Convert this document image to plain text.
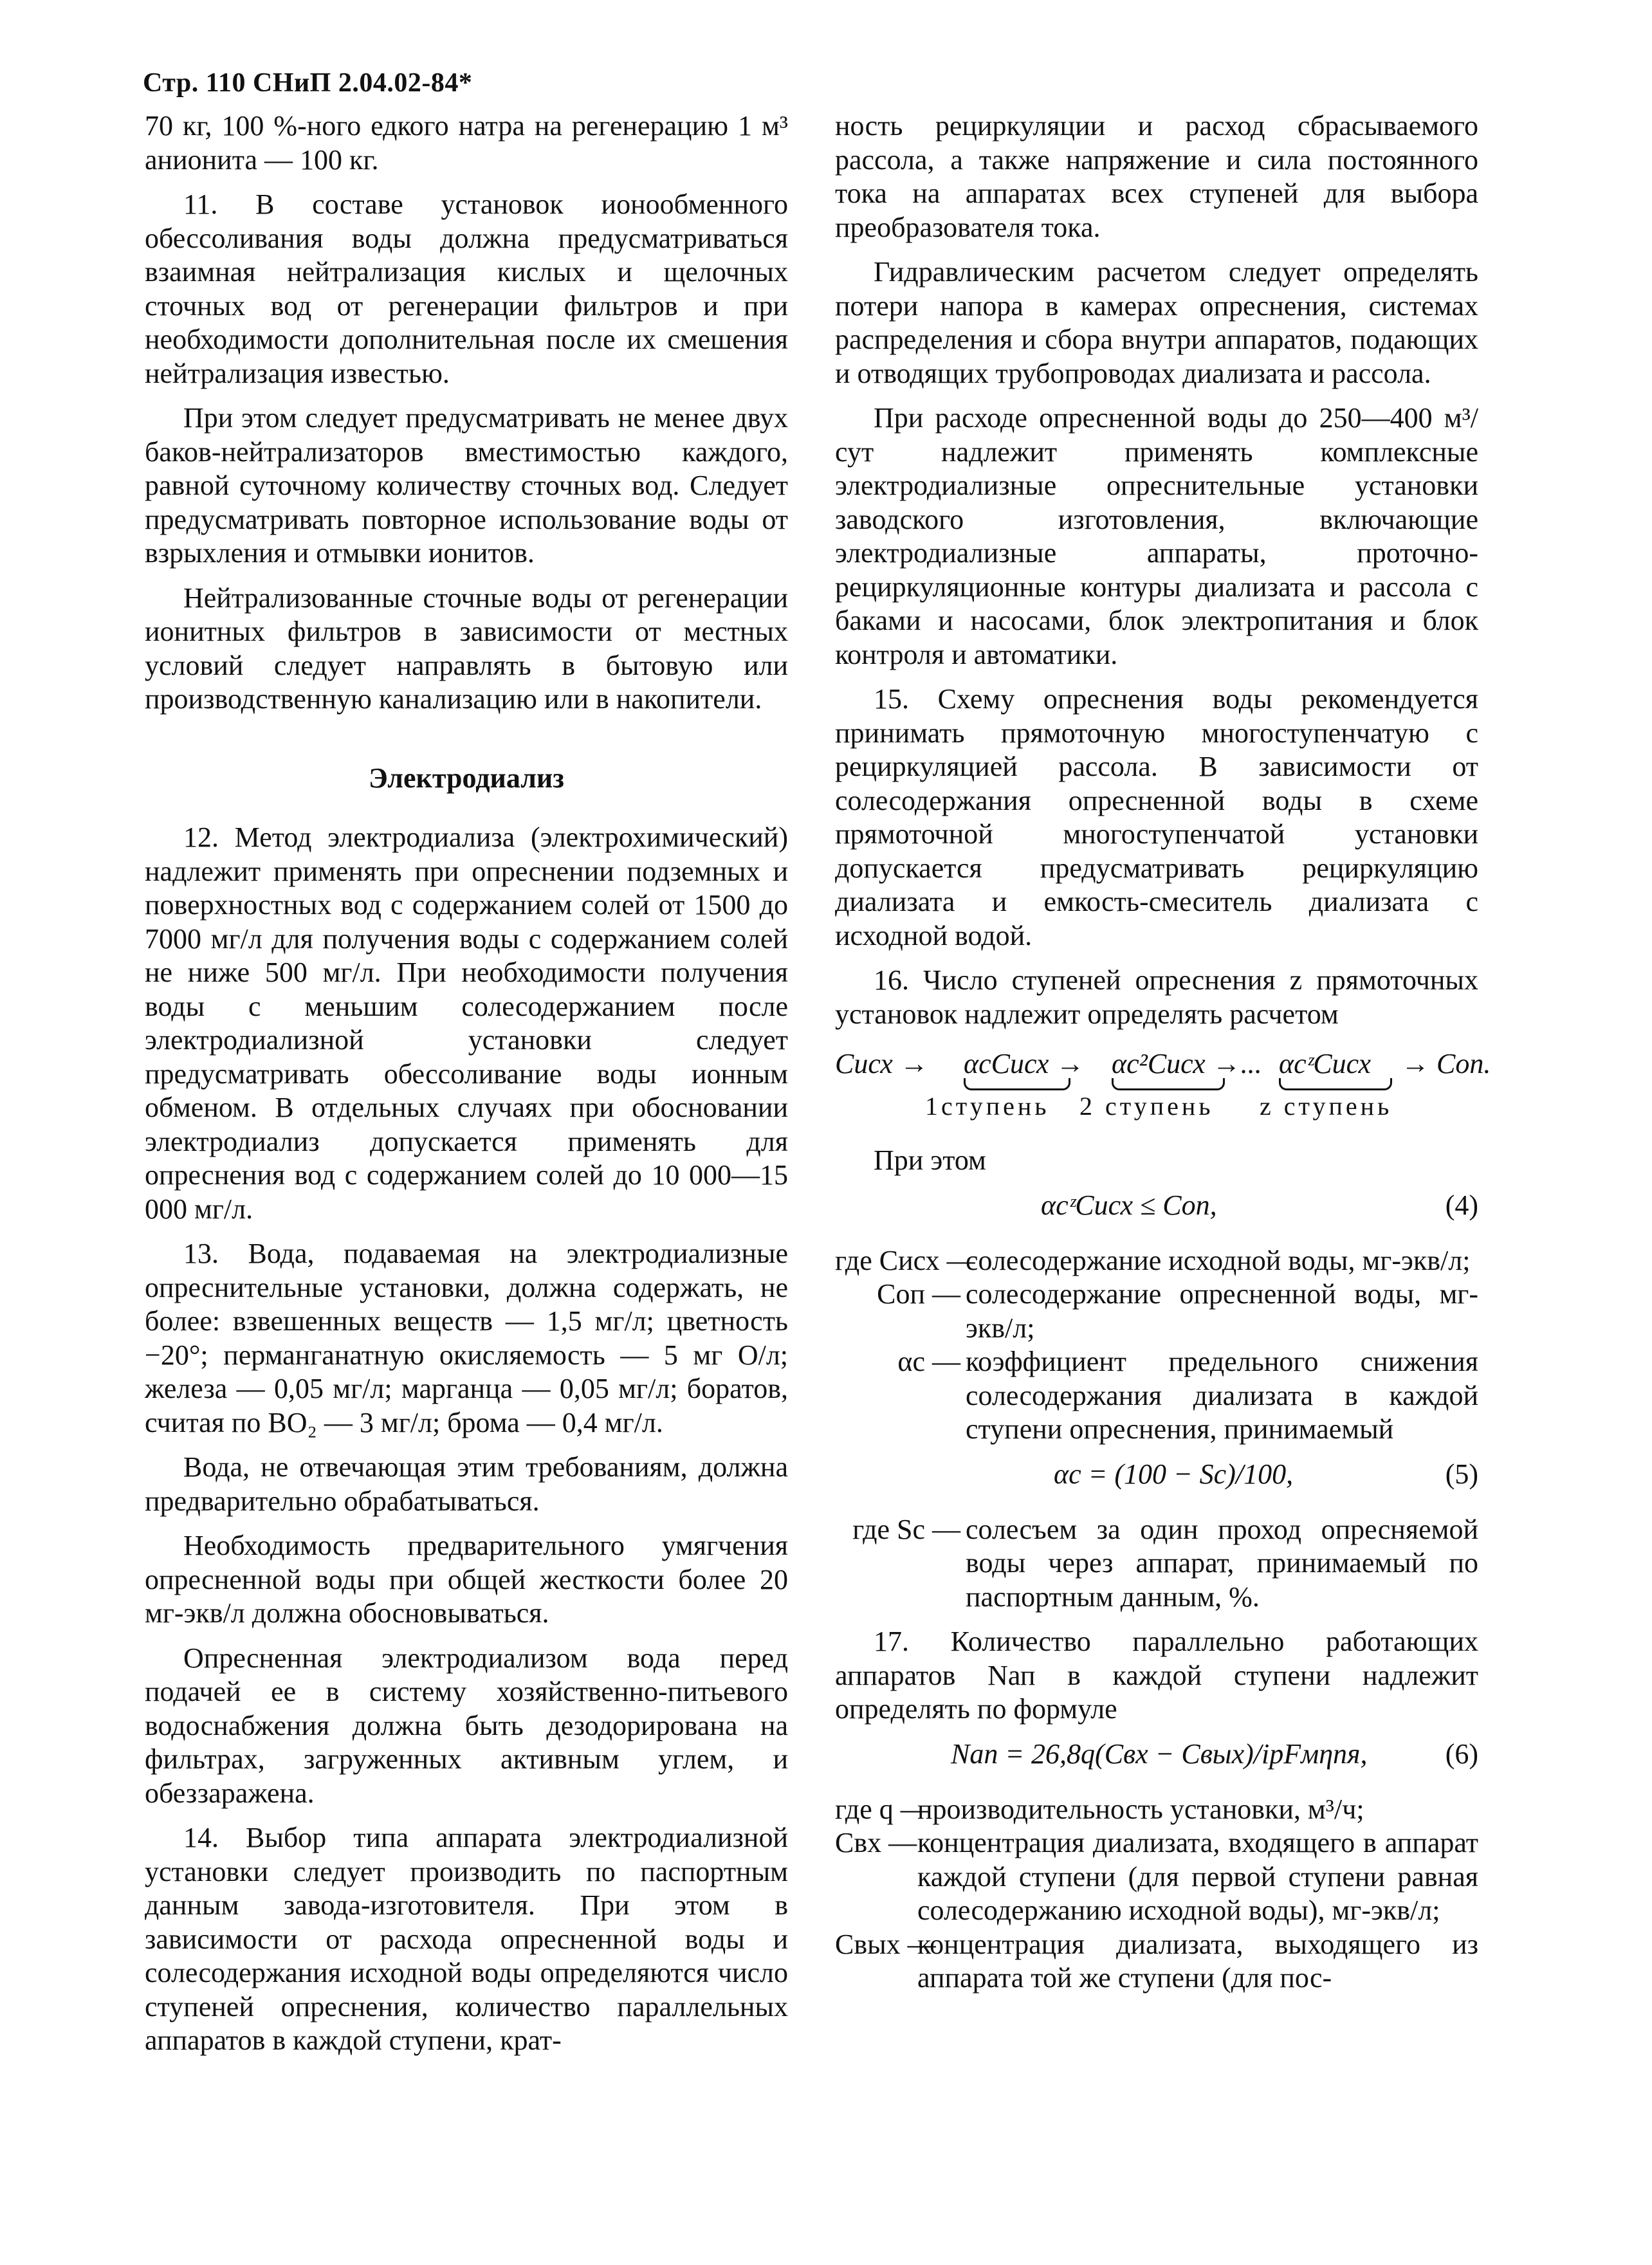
Стр. 110 СНиП 2.04.02-84*

70 кг, 100 %-ного едкого натра на регенерацию 1 м³ анионита — 100 кг.

11. В составе установок ионообменного обессоливания воды должна предусматриваться взаимная нейтрализация кислых и щелочных сточных вод от регенерации фильтров и при необходимости дополнительная после их смешения нейтрализация известью.

При этом следует предусматривать не менее двух баков-нейтрализаторов вместимостью каждого, равной суточному количеству сточных вод. Следует предусматривать повторное использование воды от взрыхления и отмывки ионитов.

Нейтрализованные сточные воды от регенерации ионитных фильтров в зависимости от местных условий следует направлять в бытовую или производственную канализацию или в накопители.

Электродиализ

12. Метод электродиализа (электрохимический) надлежит применять при опреснении подземных и поверхностных вод с содержанием солей от 1500 до 7000 мг/л для получения воды с содержанием солей не ниже 500 мг/л. При необходимости получения воды с меньшим солесодержанием после электродиализной установки следует предусматривать обессоливание воды ионным обменом. В отдельных случаях при обосновании электродиализ допускается применять для опреснения вод с содержанием солей до 10 000—15 000 мг/л.

13. Вода, подаваемая на электродиализные опреснительные установки, должна содержать, не более: взвешенных веществ — 1,5 мг/л; цветность −20°; перманганатную окисляемость — 5 мг О/л; железа — 0,05 мг/л; марганца — 0,05 мг/л; боратов, считая по BO₂ — 3 мг/л; брома — 0,4 мг/л.

Вода, не отвечающая этим требованиям, должна предварительно обрабатываться.

Необходимость предварительного умягчения опресненной воды при общей жесткости более 20 мг-экв/л должна обосновываться.

Опресненная электродиализом вода перед подачей ее в систему хозяйственно-питьевого водоснабжения должна быть дезодорирована на фильтрах, загруженных активным углем, и обеззаражена.

14. Выбор типа аппарата электродиализной установки следует производить по паспортным данным завода-изготовителя. При этом в зависимости от расхода опресненной воды и солесодержания исходной воды определяются число ступеней опреснения, количество параллельных аппаратов в каждой ступени, крат-

ность рециркуляции и расход сбрасываемого рассола, а также напряжение и сила постоянного тока на аппаратах всех ступеней для выбора преобразователя тока.

Гидравлическим расчетом следует определять потери напора в камерах опреснения, системах распределения и сбора внутри аппаратов, подающих и отводящих трубопроводах диализата и рассола.

При расходе опресненной воды до 250—400 м³/сут надлежит применять комплексные электродиализные опреснительные установки заводского изготовления, включающие электродиализные аппараты, проточно-рециркуляционные контуры диализата и рассола с баками и насосами, блок электропитания и блок контроля и автоматики.

15. Схему опреснения воды рекомендуется принимать прямоточную многоступенчатую с рециркуляцией рассола. В зависимости от солесодержания опресненной воды в схеме прямоточной многоступенчатой установки допускается предусматривать рециркуляцию диализата и емкость-смеситель диализата с исходной водой.

16. Число ступеней опреснения z прямоточных установок надлежит определять расчетом

Cисх → αcCисх → αc²Cисх →... αcᶻCисх → Cоп.
1ступень 2 ступень z ступень

При этом

αcᶻCисх ≤ Cоп,	(4)
где Cисх —
солесодержание исходной воды, мг-экв/л;
Cоп — солесодержание опресненной воды, мг-экв/л;
αc — коэффициент предельного снижения солесодержания диализата в каждой ступени опреснения, принимаемый
αc = (100 − Sc)/100,	(5)
где Sc — солесъем за один проход опресняемой воды через аппарат, принимаемый по паспортным данным, %.

17. Количество параллельно работающих аппаратов Nап в каждой ступени надлежит определять по формуле

Nап = 26,8q(Cвх − Cвых)/iрFмηnя,	(6)
где q —
производительность установки, м³/ч;
Cвх — концентрация диализата, входящего в аппарат каждой ступени (для первой ступени равная солесодержанию исходной воды), мг-экв/л;
Cвых —
концентрация диализата, выходящего из аппарата той же ступени (для пос-
